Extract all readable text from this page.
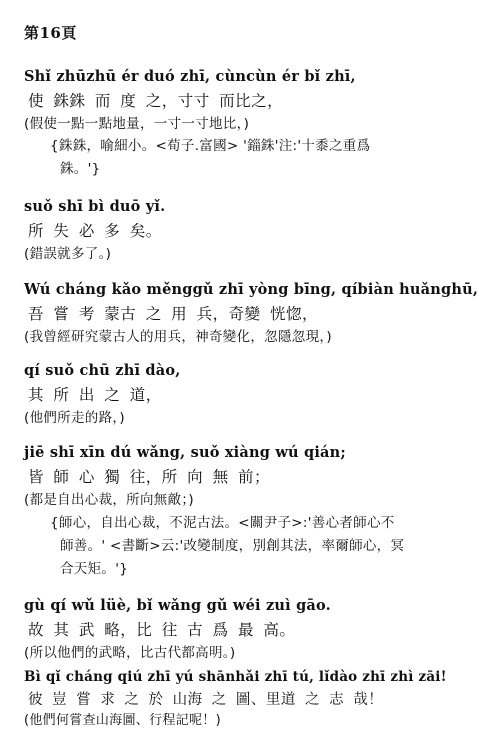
第16頁

Shǐ zhūzhū ér duó zhī, cùncùn ér bǐ zhī,

使 銖銖 而 度 之，寸寸 而比之，

(假使一點一點地量，一寸一寸地比，)

{銖銖，喻細小。<荀子.富國> '錙銖'注:'十黍之重爲

銖。'}

suǒ shī bì duō yǐ.

所 失 必 多 矣。

(錯誤就多了。)

Wú cháng kǎo měnggǔ zhī yòng bīng, qíbiàn huǎnghū,

吾 嘗 考 蒙古 之 用 兵，奇變 恍惚，

(我曾經研究蒙古人的用兵，神奇變化，忽隱忽現，)

qí suǒ chū zhī dào,

其 所 出 之 道，

(他們所走的路，)

jiē shī xīn dú wǎng, suǒ xiàng wú qián;

皆 師 心 獨 往，所 向 無 前；

(都是自出心裁，所向無敵；)

{師心，自出心裁，不泥古法。<關尹子>:'善心者師心不

師善。' <書斷>云:'改變制度，別創其法，率爾師心，冥

合天矩。'}

gù qí wǔ lüè, bǐ wǎng gǔ wéi zuì gāo.

故 其 武 略，比 往 古 爲 最 高。

(所以他們的武略，比古代都高明。)

Bì qǐ cháng qiú zhī yú shānhǎi zhī tú, lǐdào zhī zhì zāi!

彼 豈 嘗 求 之 於 山海 之 圖、里道 之 志 哉！

(他們何嘗查山海圖、行程記呢！)
